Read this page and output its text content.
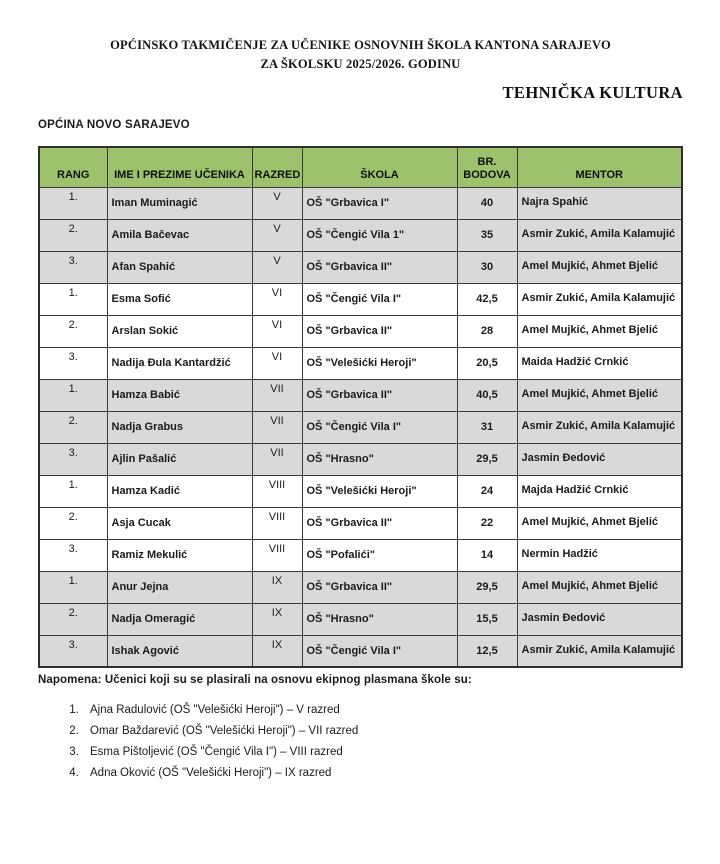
OPĆINSKO TAKMIČENJE ZA UČENIKE OSNOVNIH ŠKOLA KANTONA SARAJEVO
ZA ŠKOLSKU 2025/2026. GODINU
TEHNIČKA KULTURA
OPĆINA NOVO SARAJEVO
RANG	IME I PREZIME UČENIKA	RAZRED	ŠKOLA	BR. BODOVA	MENTOR
1.	Iman Muminagić	V	OŠ "Grbavica I"	40	Najra Spahić
2.	Amila Bačevac	V	OŠ "Čengić Vila 1"	35	Asmir Zukić, Amila Kalamujić
3.	Afan Spahić	V	OŠ "Grbavica II"	30	Amel Mujkić, Ahmet Bjelić
1.	Esma Sofić	VI	OŠ "Čengić Vila I"	42,5	Asmir Zukić, Amila Kalamujić
2.	Arslan Sokić	VI	OŠ "Grbavica II"	28	Amel Mujkić, Ahmet Bjelić
3.	Nadija Đula Kantardžić	VI	OŠ "Velešićki Heroji"	20,5	Maida Hadžić Crnkić
1.	Hamza Babić	VII	OŠ "Grbavica II"	40,5	Amel Mujkić, Ahmet Bjelić
2.	Nadja Grabus	VII	OŠ "Čengić Vila I"	31	Asmir Zukić, Amila Kalamujić
3.	Ajlin Pašalić	VII	OŠ "Hrasno"	29,5	Jasmin Đedović
1.	Hamza Kadić	VIII	OŠ "Velešićki Heroji"	24	Majda Hadžić Crnkić
2.	Asja Cucak	VIII	OŠ "Grbavica II"	22	Amel Mujkić, Ahmet Bjelić
3.	Ramiz Mekulić	VIII	OŠ "Pofalići"	14	Nermin Hadžić
1.	Anur Jejna	IX	OŠ "Grbavica II"	29,5	Amel Mujkić, Ahmet Bjelić
2.	Nadja Omeragić	IX	OŠ "Hrasno"	15,5	Jasmin Đedović
3.	Ishak Agović	IX	OŠ "Čengić Vila I"	12,5	Asmir Zukić, Amila Kalamujić
Napomena: Učenici koji su se plasirali na osnovu ekipnog plasmana škole su:
1. Ajna Radulović (OŠ "Velešićki Heroji") – V razred
2. Omar Baždarević (OŠ "Velešićki Heroji") – VII razred
3. Esma Pištoljević (OŠ "Čengić Vila I") – VIII razred
4. Adna Oković (OŠ "Velešićki Heroji") – IX razred
